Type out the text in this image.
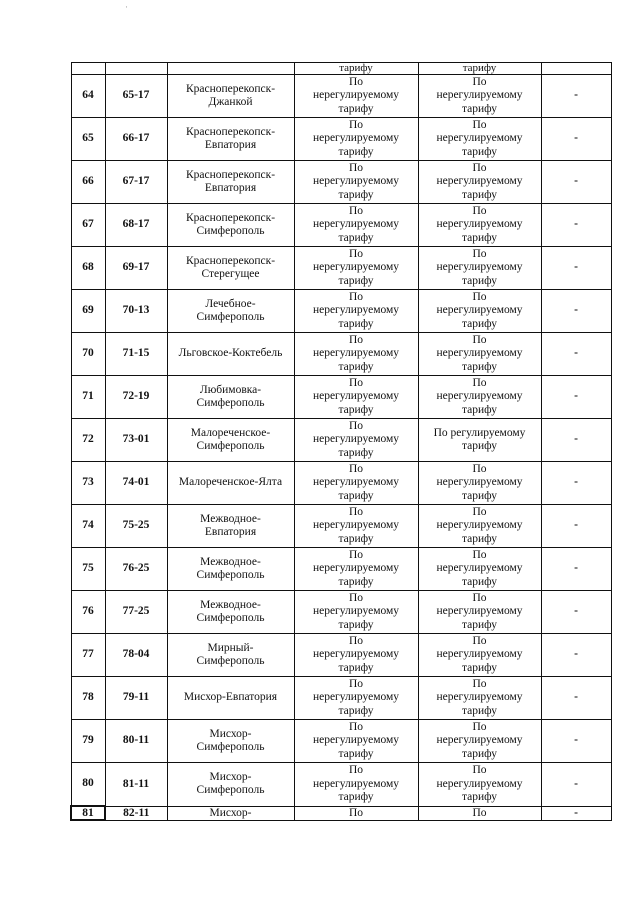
			тарифу	тарифу	
64	65-17	Красноперекопск-
Джанкой	По
нерегулируемому
тарифу	По
нерегулируемому
тарифу	-
65	66-17	Красноперекопск-
Евпатория	По
нерегулируемому
тарифу	По
нерегулируемому
тарифу	-
66	67-17	Красноперекопск-
Евпатория	По
нерегулируемому
тарифу	По
нерегулируемому
тарифу	-
67	68-17	Красноперекопск-
Симферополь	По
нерегулируемому
тарифу	По
нерегулируемому
тарифу	-
68	69-17	Красноперекопск-
Стерегущее	По
нерегулируемому
тарифу	По
нерегулируемому
тарифу	-
69	70-13	Лечебное-
Симферополь	По
нерегулируемому
тарифу	По
нерегулируемому
тарифу	-
70	71-15	Льговское-Коктебель	По
нерегулируемому
тарифу	По
нерегулируемому
тарифу	-
71	72-19	Любимовка-
Симферополь	По
нерегулируемому
тарифу	По
нерегулируемому
тарифу	-
72	73-01	Малореченское-
Симферополь	По
нерегулируемому
тарифу	По регулируемому
тарифу	-
73	74-01	Малореченское-Ялта	По
нерегулируемому
тарифу	По
нерегулируемому
тарифу	-
74	75-25	Межводное-
Евпатория	По
нерегулируемому
тарифу	По
нерегулируемому
тарифу	-
75	76-25	Межводное-
Симферополь	По
нерегулируемому
тарифу	По
нерегулируемому
тарифу	-
76	77-25	Межводное-
Симферополь	По
нерегулируемому
тарифу	По
нерегулируемому
тарифу	-
77	78-04	Мирный-
Симферополь	По
нерегулируемому
тарифу	По
нерегулируемому
тарифу	-
78	79-11	Мисхор-Евпатория	По
нерегулируемому
тарифу	По
нерегулируемому
тарифу	-
79	80-11	Мисхор-
Симферополь	По
нерегулируемому
тарифу	По
нерегулируемому
тарифу	-
80	81-11	Мисхор-
Симферополь	По
нерегулируемому
тарифу	По
нерегулируемому
тарифу	-
81	82-11	Мисхор-	По	По	-
·
